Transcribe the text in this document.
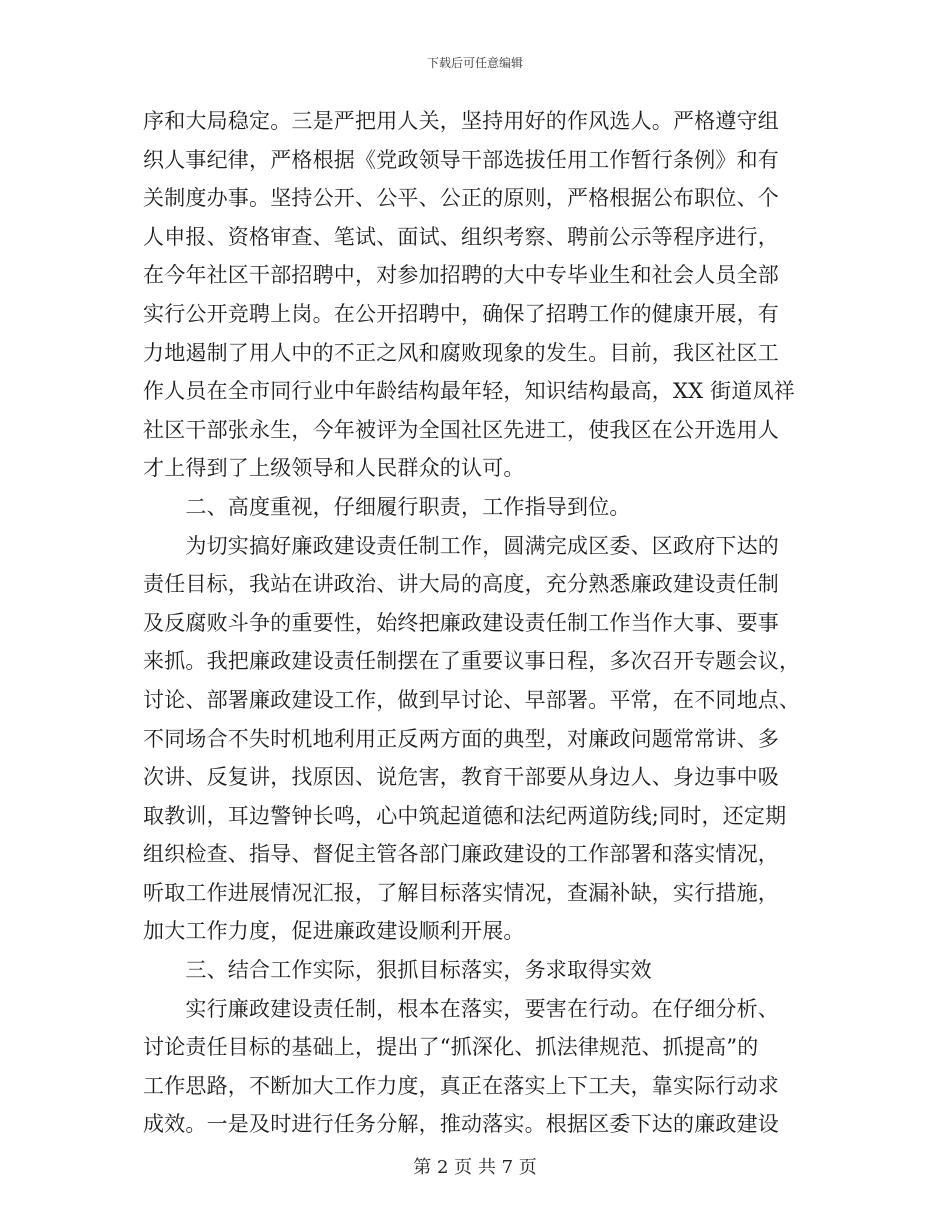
下载后可任意编辑
序和大局稳定。三是严把用人关，坚持用好的作风选人。严格遵守组
织人事纪律，严格根据《党政领导干部选拔任用工作暂行条例》和有
关制度办事。坚持公开、公平、公正的原则，严格根据公布职位、个
人申报、资格审查、笔试、面试、组织考察、聘前公示等程序进行，
在今年社区干部招聘中，对参加招聘的大中专毕业生和社会人员全部
实行公开竞聘上岗。在公开招聘中，确保了招聘工作的健康开展，有
力地遏制了用人中的不正之风和腐败现象的发生。目前，我区社区工
作人员在全市同行业中年龄结构最年轻，知识结构最高，XX 街道凤祥
社区干部张永生，今年被评为全国社区先进工，使我区在公开选用人
才上得到了上级领导和人民群众的认可。
　　二、高度重视，仔细履行职责，工作指导到位。
　　为切实搞好廉政建设责任制工作，圆满完成区委、区政府下达的
责任目标，我站在讲政治、讲大局的高度，充分熟悉廉政建设责任制
及反腐败斗争的重要性，始终把廉政建设责任制工作当作大事、要事
来抓。我把廉政建设责任制摆在了重要议事日程，多次召开专题会议，
讨论、部署廉政建设工作，做到早讨论、早部署。平常，在不同地点、
不同场合不失时机地利用正反两方面的典型，对廉政问题常常讲、多
次讲、反复讲，找原因、说危害，教育干部要从身边人、身边事中吸
取教训，耳边警钟长鸣，心中筑起道德和法纪两道防线;同时，还定期
组织检查、指导、督促主管各部门廉政建设的工作部署和落实情况，
听取工作进展情况汇报，了解目标落实情况，查漏补缺，实行措施，
加大工作力度，促进廉政建设顺利开展。
　　三、结合工作实际，狠抓目标落实，务求取得实效
　　实行廉政建设责任制，根本在落实，要害在行动。在仔细分析、
讨论责任目标的基础上，提出了“抓深化、抓法律规范、抓提高”的
工作思路，不断加大工作力度，真正在落实上下工夫，靠实际行动求
成效。一是及时进行任务分解，推动落实。根据区委下达的廉政建设
第 2 页 共 7 页
